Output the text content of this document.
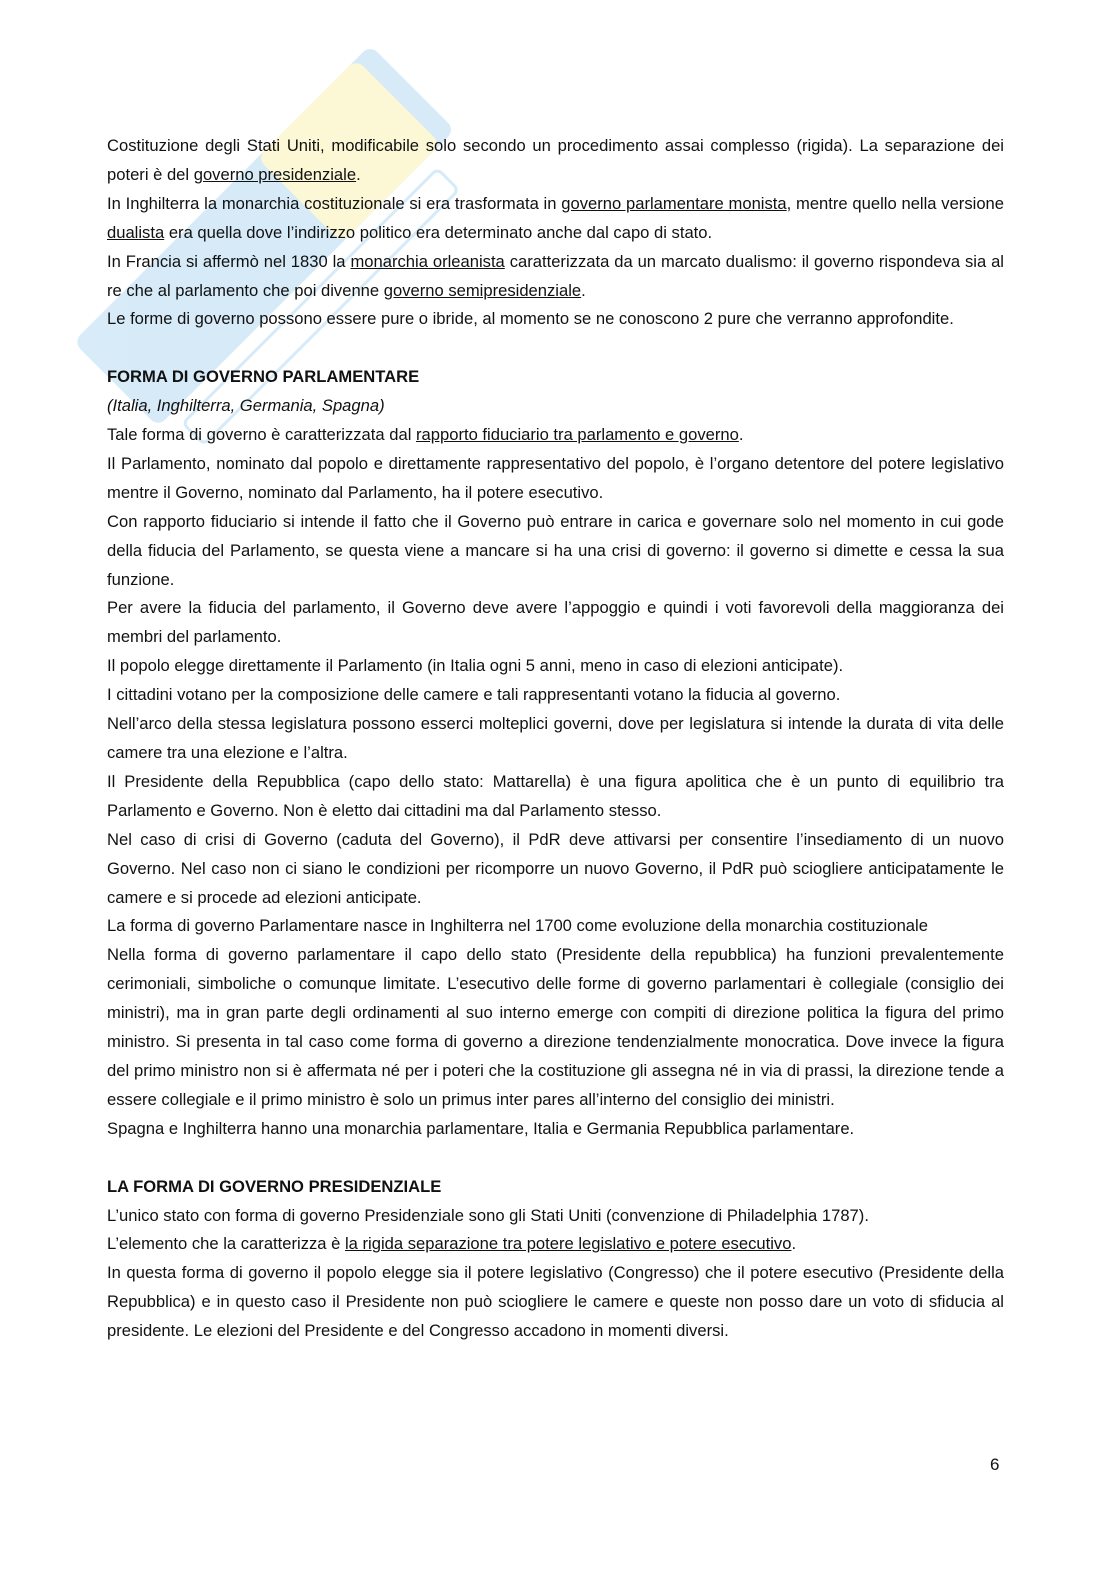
Costituzione degli Stati Uniti, modificabile solo secondo un procedimento assai complesso (rigida). La separazione dei poteri è del governo presidenziale.

In Inghilterra la monarchia costituzionale si era trasformata in governo parlamentare monista, mentre quello nella versione dualista era quella dove l’indirizzo politico era determinato anche dal capo di stato.

In Francia si affermò nel 1830 la monarchia orleanista caratterizzata da un marcato dualismo: il governo rispondeva sia al re che al parlamento che poi divenne governo semipresidenziale.

Le forme di governo possono essere pure o ibride, al momento se ne conoscono 2 pure che verranno approfondite.

FORMA DI GOVERNO PARLAMENTARE

(Italia, Inghilterra, Germania, Spagna)

Tale forma di governo è caratterizzata dal rapporto fiduciario tra parlamento e governo.

Il Parlamento, nominato dal popolo e direttamente rappresentativo del popolo, è l’organo detentore del potere legislativo mentre il Governo, nominato dal Parlamento, ha il potere esecutivo.

Con rapporto fiduciario si intende il fatto che il Governo può entrare in carica e governare solo nel momento in cui gode della fiducia del Parlamento, se questa viene a mancare si ha una crisi di governo: il governo si dimette e cessa la sua funzione.

Per avere la fiducia del parlamento, il Governo deve avere l’appoggio e quindi i voti favorevoli della maggioranza dei membri del parlamento.

Il popolo elegge direttamente il Parlamento (in Italia ogni 5 anni, meno in caso di elezioni anticipate).

I cittadini votano per la composizione delle camere e tali rappresentanti votano la fiducia al governo.

Nell’arco della stessa legislatura possono esserci molteplici governi, dove per legislatura si intende la durata di vita delle camere tra una elezione e l’altra.

Il Presidente della Repubblica (capo dello stato: Mattarella) è una figura apolitica che è un punto di equilibrio tra Parlamento e Governo. Non è eletto dai cittadini ma dal Parlamento stesso.

Nel caso di crisi di Governo (caduta del Governo), il PdR deve attivarsi per consentire l’insediamento di un nuovo Governo. Nel caso non ci siano le condizioni per ricomporre un nuovo Governo, il PdR può sciogliere anticipatamente le camere e si procede ad elezioni anticipate.

La forma di governo Parlamentare nasce in Inghilterra nel 1700 come evoluzione della monarchia costituzionale

Nella forma di governo parlamentare il capo dello stato (Presidente della repubblica) ha funzioni prevalentemente cerimoniali, simboliche o comunque limitate. L’esecutivo delle forme di governo parlamentari è collegiale (consiglio dei ministri), ma in gran parte degli ordinamenti al suo interno emerge con compiti di direzione politica la figura del primo ministro. Si presenta in tal caso come forma di governo a direzione tendenzialmente monocratica. Dove invece la figura del primo ministro non si è affermata né per i poteri che la costituzione gli assegna né in via di prassi, la direzione tende a essere collegiale e il primo ministro è solo un primus inter pares all’interno del consiglio dei ministri.

Spagna e Inghilterra hanno una monarchia parlamentare, Italia e Germania Repubblica parlamentare.

LA FORMA DI GOVERNO PRESIDENZIALE

L’unico stato con forma di governo Presidenziale sono gli Stati Uniti (convenzione di Philadelphia 1787).

L’elemento che la caratterizza è la rigida separazione tra potere legislativo e potere esecutivo.

In questa forma di governo il popolo elegge sia il potere legislativo (Congresso) che il potere esecutivo (Presidente della Repubblica) e in questo caso il Presidente non può sciogliere le camere e queste non posso dare un voto di sfiducia al presidente. Le elezioni del Presidente e del Congresso accadono in momenti diversi.

6
